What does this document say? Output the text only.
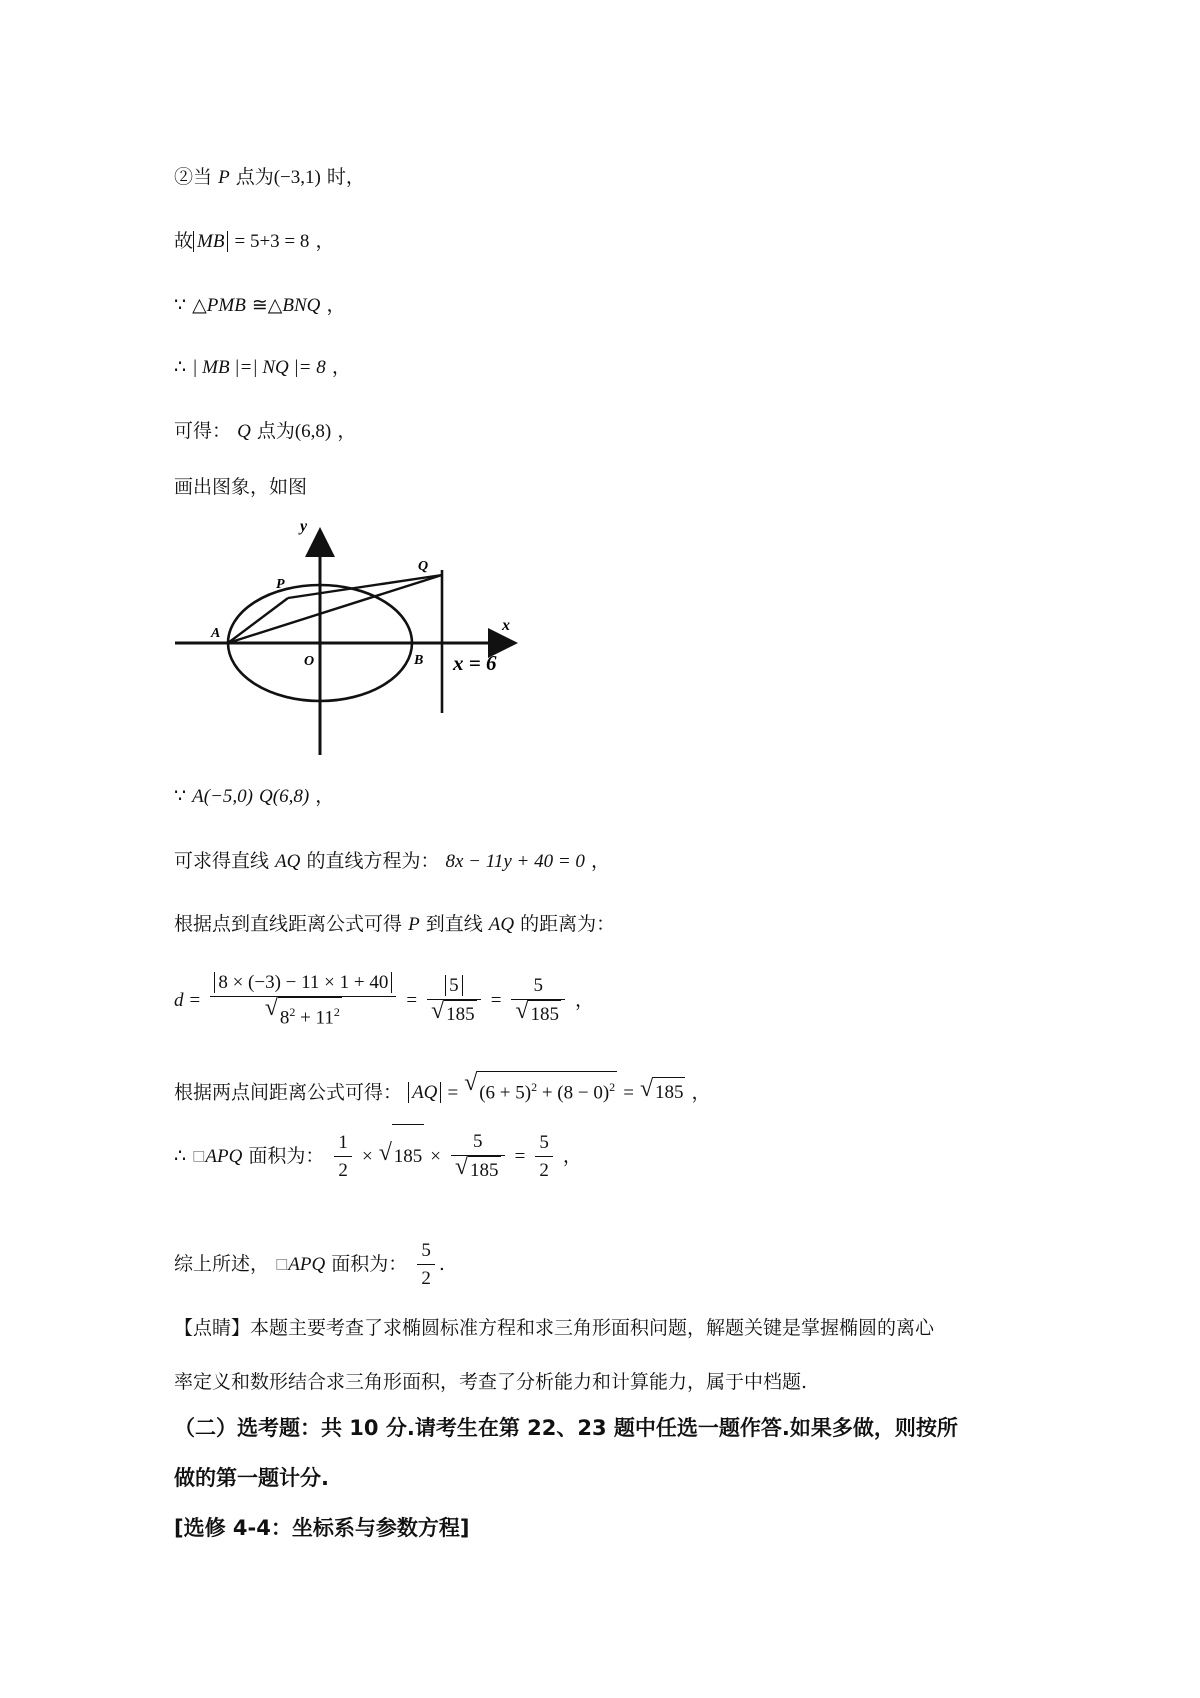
②当 P 点为(−3,1) 时，
故 MB = 5+3 = 8 ，
∵ △PMB ≅△BNQ ，
∴ | MB |=| NQ |= 8 ，
可得： Q 点为(6,8) ，
画出图象，如图
y
x
P
Q
A
O	B x = 6
∵ A(−5,0) Q(6,8) ，
可求得直线 AQ 的直线方程为： 8x − 11y + 40 = 0 ，
根据点到直线距离公式可得 P 到直线 AQ 的距离为：
$d = \frac{8 \times (-3) - 11 \times 1 + 40}{√ 8^2 + 11^2} = \frac{5}{√ 185} = \frac{5}{√ 185}$ ，
根据两点间距离公式可得： AQ = √ $(6 + 5)^2 + (8 - 0)^2$ = √ 185 ，
∴ □APQ 面积为： $\frac{1}{2}$ × √ $185 \times \frac{5}{√ 185} = \frac{5}{2}$ ，
综上所述， □APQ 面积为： $\frac{5}{2}$ .
【点睛】本题主要考查了求椭圆标准方程和求三角形面积问题，解题关键是掌握椭圆的离心
率定义和数形结合求三角形面积，考查了分析能力和计算能力，属于中档题.
（二）选考题：共 10 分.请考生在第 22、23 题中任选一题作答.如果多做，则按所
做的第一题计分.
[选修 4-4：坐标系与参数方程]
